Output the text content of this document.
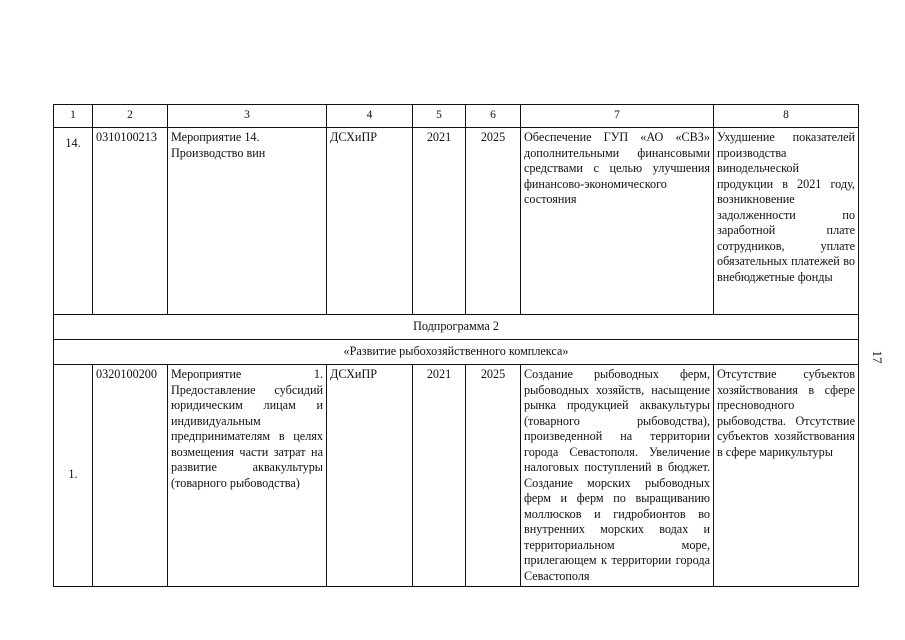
17
1	2	3	4	5	6	7	8
14.	0310100213	Мероприятие 14. Производство вин	ДСХиПР	2021	2025	Обеспечение ГУП «АО «СВЗ» дополнительными финансовыми средствами с целью улучшения финансово-экономического состояния	Ухудшение показателей производства винодельческой продукции в 2021 году, возникновение задолженности по заработной плате сотрудников, уплате обязательных платежей во внебюджетные фонды
Подпрограмма 2							
«Развитие рыбохозяйственного комплекса»							
1.	0320100200	Мероприятие 1. Предоставление субсидий юридическим лицам и индивидуальным предпринимателям в целях возмещения части затрат на развитие аквакультуры (товарного рыбоводства)	ДСХиПР	2021	2025	Создание рыбоводных ферм, рыбоводных хозяйств, насыщение рынка продукцией аквакультуры (товарного рыбоводства), произведенной на территории города Севастополя. Увеличение налоговых поступлений в бюджет. Создание морских рыбоводных ферм и ферм по выращиванию моллюсков и гидробионтов во внутренних морских водах и территориальном море, прилегающем к территории города Севастополя	Отсутствие субъектов хозяйствования в сфере пресноводного рыбоводства. Отсутствие субъектов хозяйствования в сфере марикультуры
